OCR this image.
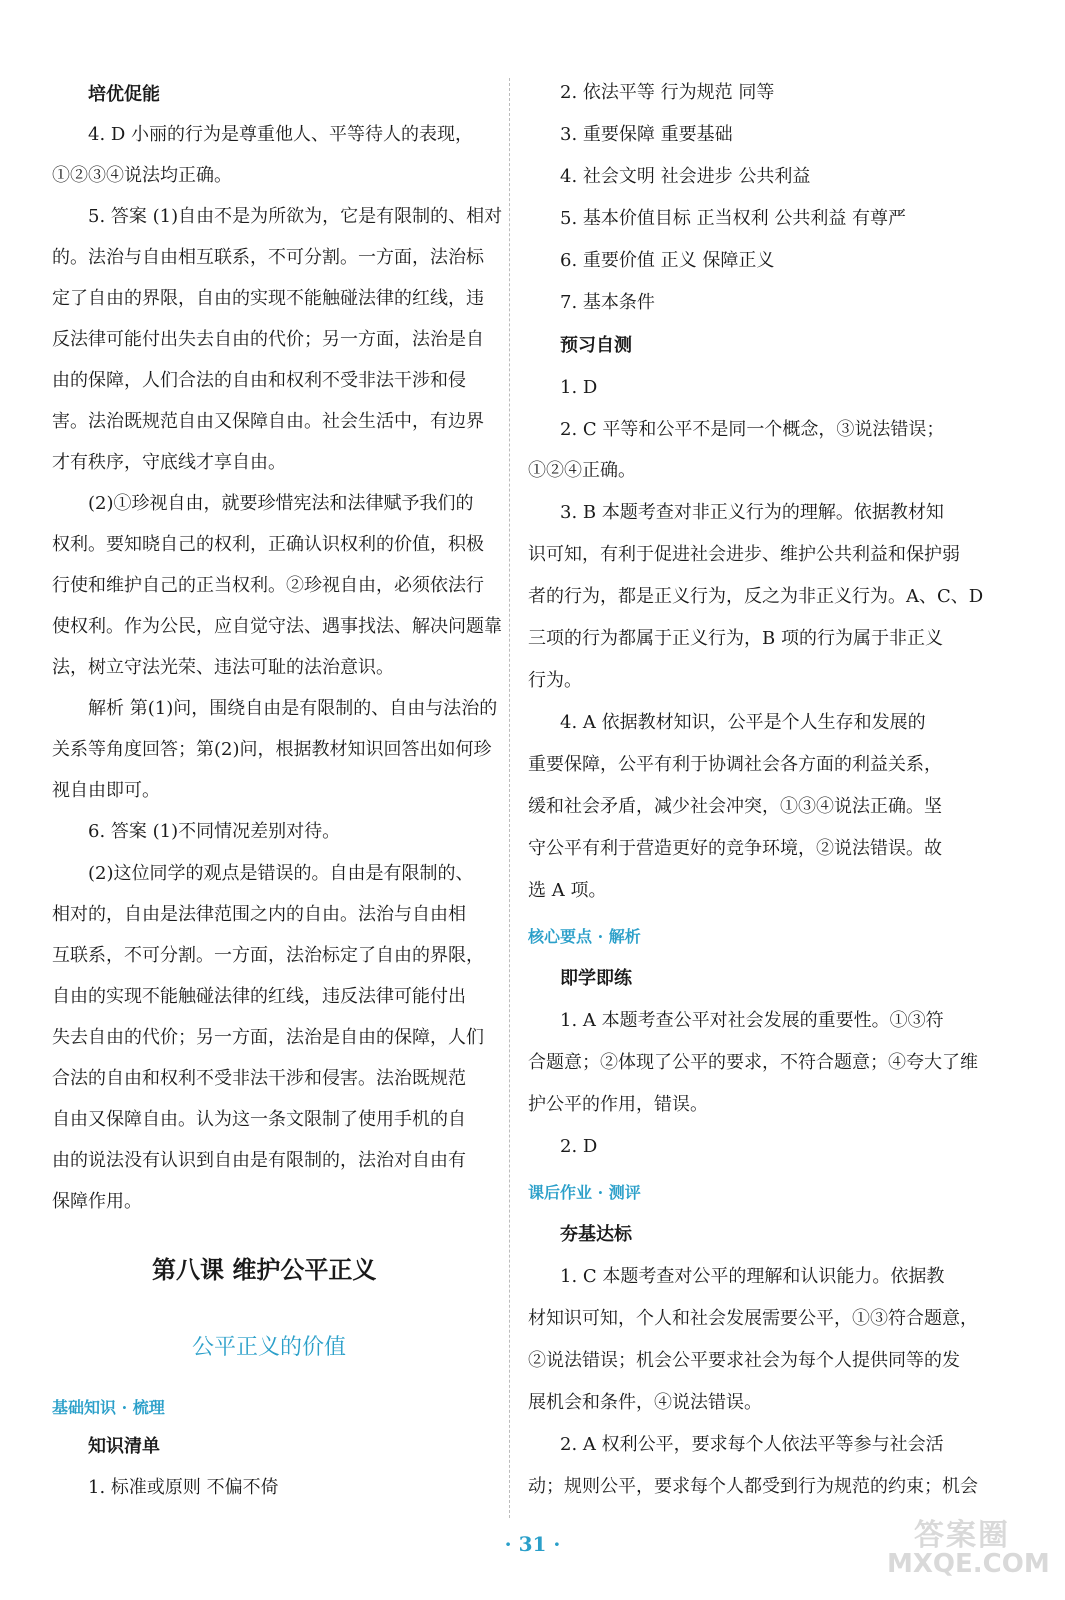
培优促能
4. D 小丽的行为是尊重他人、平等待人的表现，
①②③④说法均正确。
5. 答案 (1)自由不是为所欲为，它是有限制的、相对
的。法治与自由相互联系，不可分割。一方面，法治标
定了自由的界限，自由的实现不能触碰法律的红线，违
反法律可能付出失去自由的代价；另一方面，法治是自
由的保障，人们合法的自由和权利不受非法干涉和侵
害。法治既规范自由又保障自由。社会生活中，有边界
才有秩序，守底线才享自由。
(2)①珍视自由，就要珍惜宪法和法律赋予我们的
权利。要知晓自己的权利，正确认识权利的价值，积极
行使和维护自己的正当权利。②珍视自由，必须依法行
使权利。作为公民，应自觉守法、遇事找法、解决问题靠
法，树立守法光荣、违法可耻的法治意识。
解析 第(1)问，围绕自由是有限制的、自由与法治的
关系等角度回答；第(2)问，根据教材知识回答出如何珍
视自由即可。
6. 答案 (1)不同情况差别对待。
(2)这位同学的观点是错误的。自由是有限制的、
相对的，自由是法律范围之内的自由。法治与自由相
互联系，不可分割。一方面，法治标定了自由的界限，
自由的实现不能触碰法律的红线，违反法律可能付出
失去自由的代价；另一方面，法治是自由的保障，人们
合法的自由和权利不受非法干涉和侵害。法治既规范
自由又保障自由。认为这一条文限制了使用手机的自
由的说法没有认识到自由是有限制的，法治对自由有
保障作用。
第八课 维护公平正义
公平正义的价值
基础知识 · 梳理
知识清单
1. 标准或原则 不偏不倚
2. 依法平等 行为规范 同等
3. 重要保障 重要基础
4. 社会文明 社会进步 公共利益
5. 基本价值目标 正当权利 公共利益 有尊严
6. 重要价值 正义 保障正义
7. 基本条件
预习自测
1. D
2. C 平等和公平不是同一个概念，③说法错误；
①②④正确。
3. B 本题考查对非正义行为的理解。依据教材知
识可知，有利于促进社会进步、维护公共利益和保护弱
者的行为，都是正义行为，反之为非正义行为。A、C、D
三项的行为都属于正义行为，B 项的行为属于非正义
行为。
4. A 依据教材知识，公平是个人生存和发展的
重要保障，公平有利于协调社会各方面的利益关系，
缓和社会矛盾，减少社会冲突，①③④说法正确。坚
守公平有利于营造更好的竞争环境，②说法错误。故
选 A 项。
核心要点 · 解析
即学即练
1. A 本题考查公平对社会发展的重要性。①③符
合题意；②体现了公平的要求，不符合题意；④夸大了维
护公平的作用，错误。
2. D
课后作业 · 测评
夯基达标
1. C 本题考查对公平的理解和认识能力。依据教
材知识可知，个人和社会发展需要公平，①③符合题意，
②说法错误；机会公平要求社会为每个人提供同等的发
展机会和条件，④说法错误。
2. A 权利公平，要求每个人依法平等参与社会活
动；规则公平，要求每个人都受到行为规范的约束；机会
· 31 ·	答案圈
MXQE.COM
